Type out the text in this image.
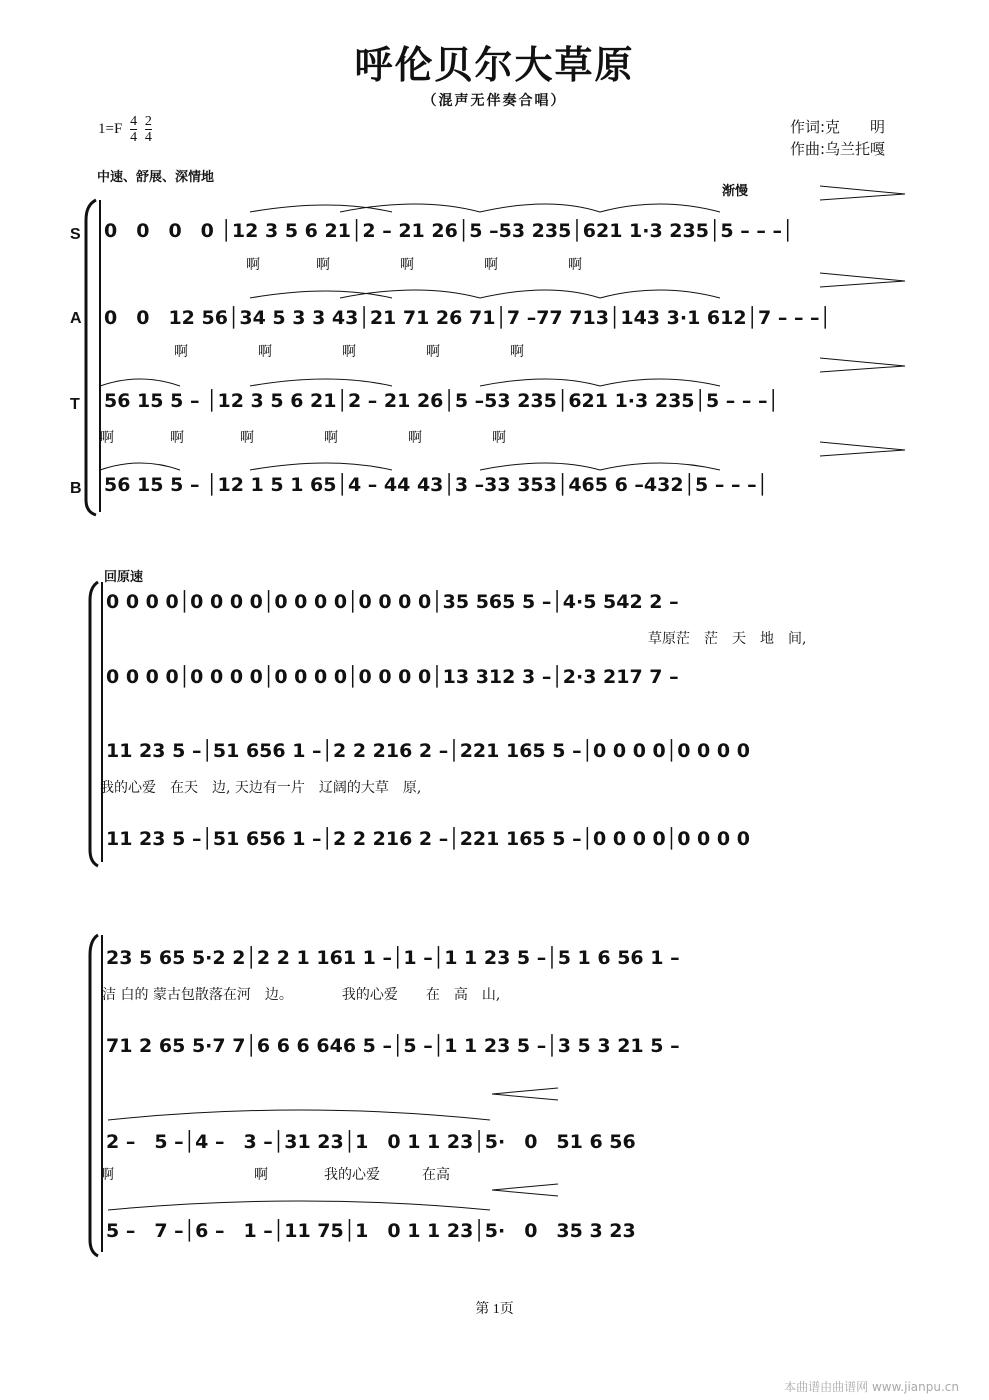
呼伦贝尔大草原
（混声无伴奏合唱）
$1=F \frac{4}{4}$
$\frac{2}{4}$	作词:克　　明
作曲:乌兰托嘎
中速、舒展、深情地
渐慢
回原速
S
A
T
B
0　0　0　0 │12 3 5 6 21│2 – 21 26│5 –53 235│621 1·3 235│5 – – –│
啊　　　　啊　　　　　啊　　　　　啊　　　　　啊
0　0　12 56│34 5 3 3 43│21 71 26 71│7 –77 713│143 3·1 612│7 – – –│
啊　　　　　啊　　　　　啊　　　　　啊　　　　　啊
56 15 5 – │12 3 5 6 21│2 – 21 26│5 –53 235│621 1·3 235│5 – – –│
啊　　　　啊　　　　啊　　　　　啊　　　　　啊　　　　　啊
56 15 5 – │12 1 5 1 65│4 – 44 43│3 –33 353│465 6 –432│5 – – –│
0 0 0 0│0 0 0 0│0 0 0 0│0 0 0 0│35 565 5 –│4·5 542 2 –
草原茫　茫　天　地　间,
0 0 0 0│0 0 0 0│0 0 0 0│0 0 0 0│13 312 3 –│2·3 217 7 –
11 23 5 –│51 656 1 –│2 2 216 2 –│221 165 5 –│0 0 0 0│0 0 0 0
我的心爱　在天　边, 天边有一片　辽阔的大草　原,
11 23 5 –│51 656 1 –│2 2 216 2 –│221 165 5 –│0 0 0 0│0 0 0 0
23 5 65 5·2 2│2 2 1 161 1 –│1 –│1 1 23 5 –│5 1 6 56 1 –
洁 白的 蒙古包散落在河　边。　　　　我的心爱　　在　高　山,
71 2 65 5·7 7│6 6 6 646 5 –│5 –│1 1 23 5 –│3 5 3 21 5 –
2 –　5 –│4 –　3 –│31 23│1　0 1 1 23│5·　0　51 6 56
啊　　　　　　　　　　啊　　　　我的心爱　　　在高
5 –　7 –│6 –　1 –│11 75│1　0 1 1 23│5·　0　35 3 23
第 1页
本曲谱由曲谱网 www.jianpu.cn
